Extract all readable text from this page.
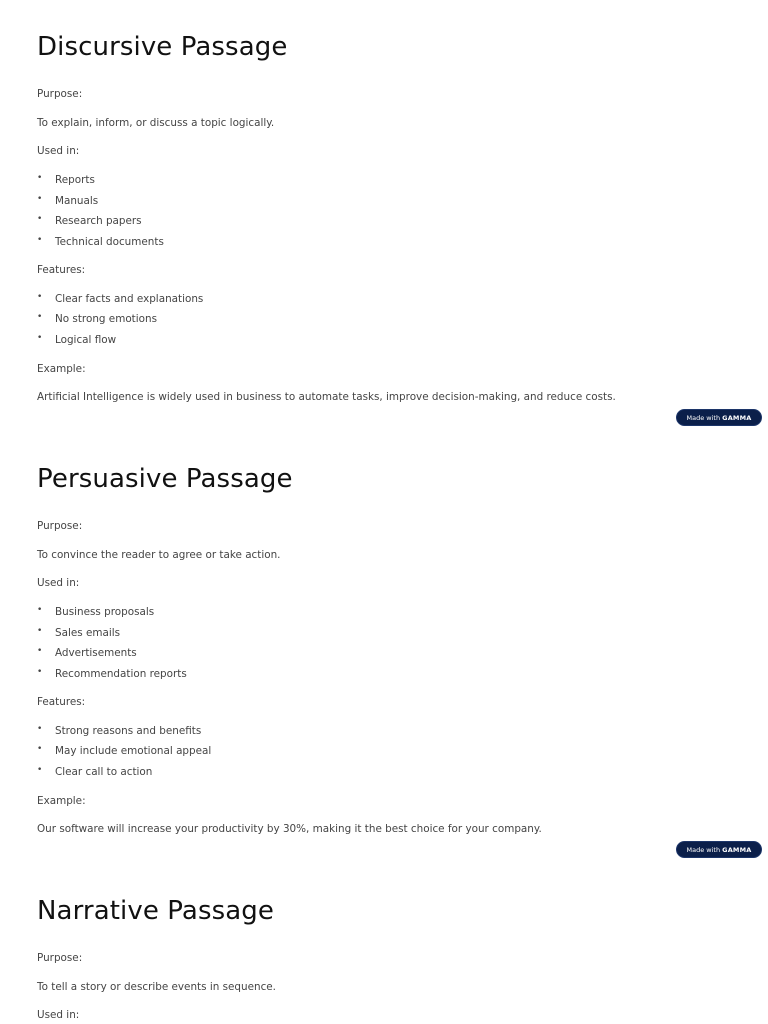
Discursive Passage

Purpose:

To explain, inform, or discuss a topic logically.

Used in:

• Reports
• Manuals
• Research papers
• Technical documents

Features:

• Clear facts and explanations
• No strong emotions
• Logical flow

Example:

Artificial Intelligence is widely used in business to automate tasks, improve decision-making, and reduce costs.

Made with GAMMA
Persuasive Passage

Purpose:

To convince the reader to agree or take action.

Used in:

• Business proposals
• Sales emails
• Advertisements
• Recommendation reports

Features:

• Strong reasons and benefits
• May include emotional appeal
• Clear call to action

Example:

Our software will increase your productivity by 30%, making it the best choice for your company.

Made with GAMMA
Narrative Passage

Purpose:

To tell a story or describe events in sequence.

Used in:
